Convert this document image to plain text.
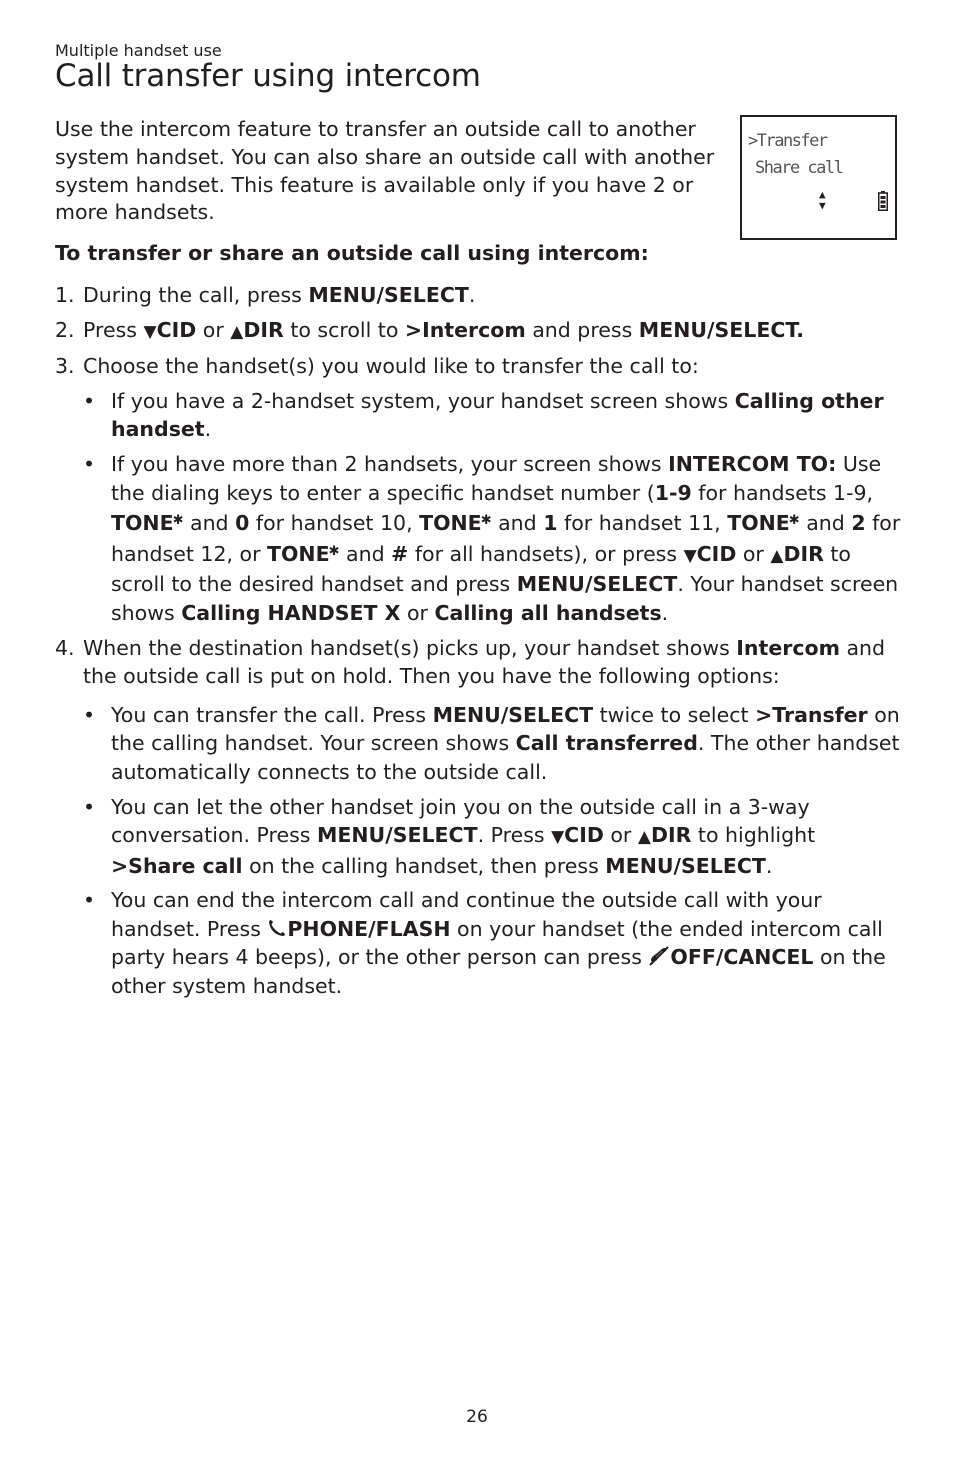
Multiple handset use
Call transfer using intercom

Use the intercom feature to transfer an outside call to another system handset. You can also share an outside call with another system handset. This feature is available only if you have 2 or more handsets.

>Transfer
Share call
▲
▼
To transfer or share an outside call using intercom:
1. During the call, press MENU/SELECT.
2. Press ▼CID or ▲DIR to scroll to >Intercom and press MENU/SELECT.
3. Choose the handset(s) you would like to transfer the call to:
• If you have a 2-handset system, your handset screen shows Calling other handset.
• If you have more than 2 handsets, your screen shows INTERCOM TO: Use the dialing keys to enter a specific handset number (1-9 for handsets 1-9, TONE✱ and 0 for handset 10, TONE✱ and 1 for handset 11, TONE✱ and 2 for handset 12, or TONE✱ and # for all handsets), or press ▼CID or ▲DIR to scroll to the desired handset and press MENU/SELECT. Your handset screen shows Calling HANDSET X or Calling all handsets.
4. When the destination handset(s) picks up, your handset shows Intercom and the outside call is put on hold. Then you have the following options:
• You can transfer the call. Press MENU/SELECT twice to select >Transfer on the calling handset. Your screen shows Call transferred. The other handset automatically connects to the outside call.
• You can let the other handset join you on the outside call in a 3-way conversation. Press MENU/SELECT. Press ▼CID or ▲DIR to highlight >Share call on the calling handset, then press MENU/SELECT.
• You can end the intercom call and continue the outside call with your handset. Press PHONE/FLASH on your handset (the ended intercom call party hears 4 beeps), or the other person can press OFF/CANCEL on the other system handset.
26
